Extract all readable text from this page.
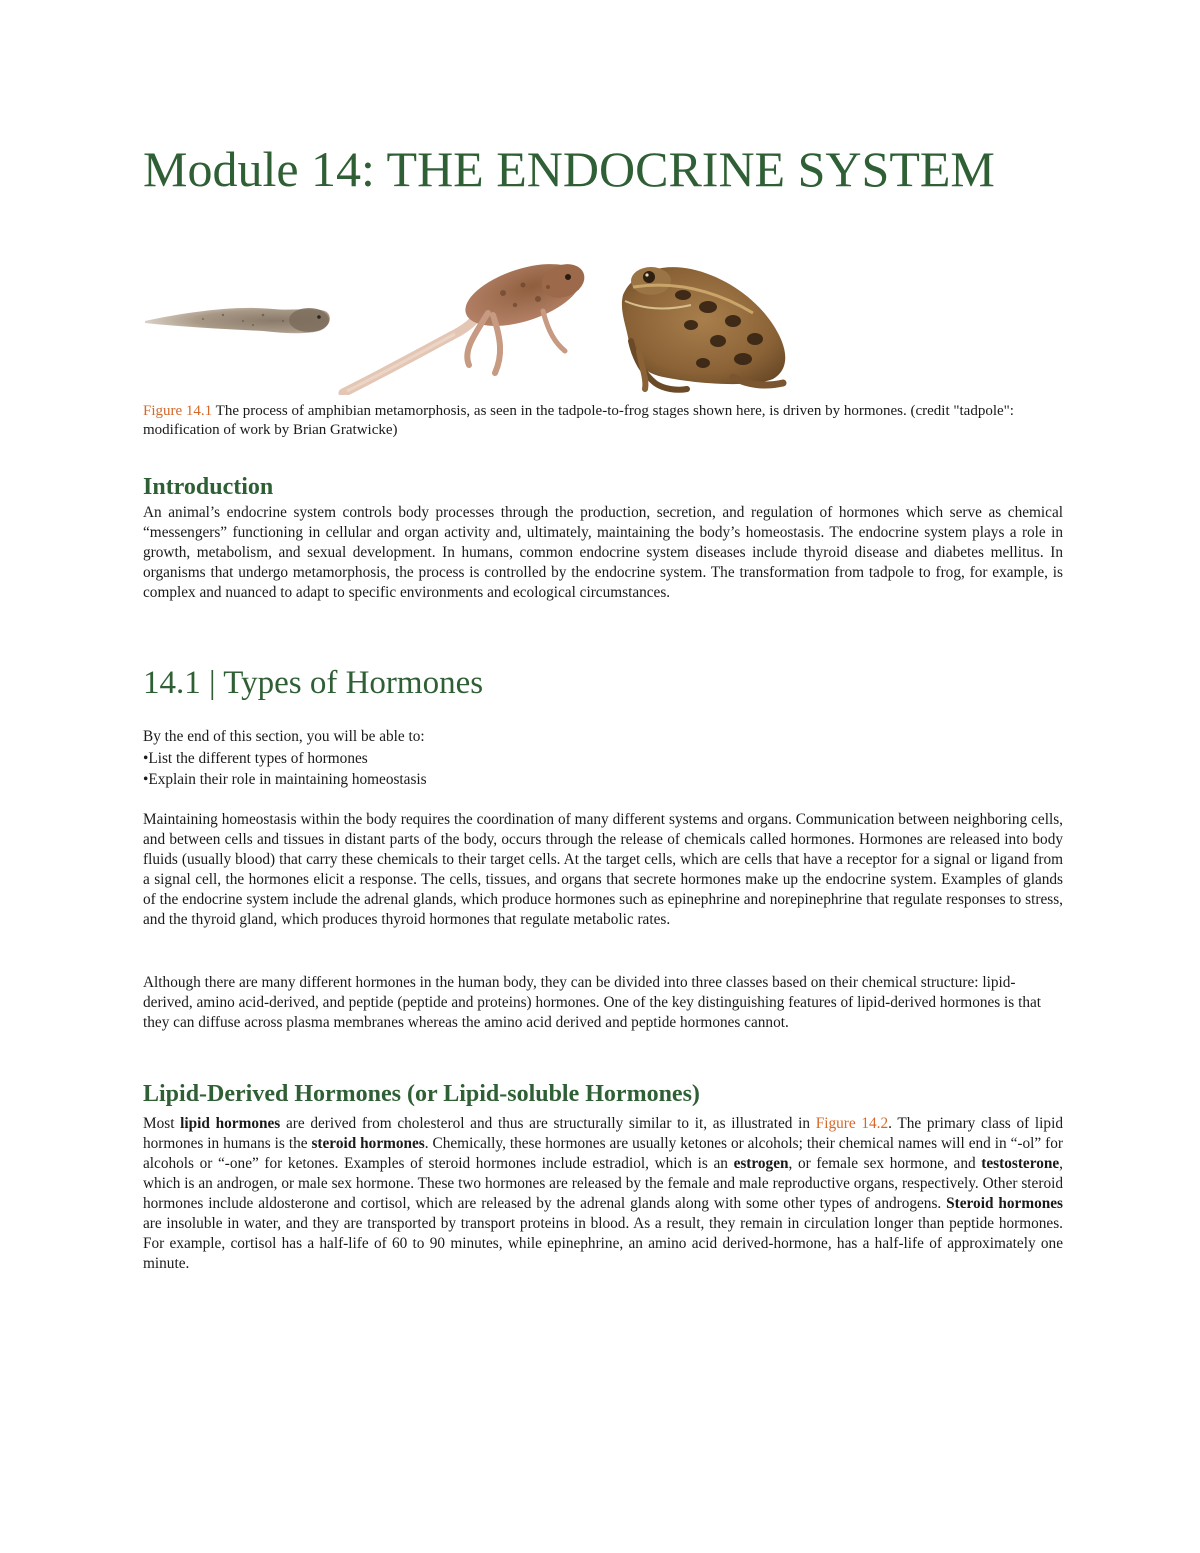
Module 14: THE ENDOCRINE SYSTEM
Figure 14.1 The process of amphibian metamorphosis, as seen in the tadpole-to-frog stages shown here, is driven by hormones. (credit "tadpole": modification of work by Brian Gratwicke)
Introduction

An animal’s endocrine system controls body processes through the production, secretion, and regulation of hormones which serve as chemical “messengers” functioning in cellular and organ activity and, ultimately, maintaining the body’s homeostasis. The endocrine system plays a role in growth, metabolism, and sexual development. In humans, common endocrine system diseases include thyroid disease and diabetes mellitus. In organisms that undergo metamorphosis, the process is controlled by the endocrine system. The transformation from tadpole to frog, for example, is complex and nuanced to adapt to specific environments and ecological circumstances.

14.1 | Types of Hormones
By the end of this section, you will be able to:
• List the different types of hormones
• Explain their role in maintaining homeostasis

Maintaining homeostasis within the body requires the coordination of many different systems and organs. Communication between neighboring cells, and between cells and tissues in distant parts of the body, occurs through the release of chemicals called hormones. Hormones are released into body fluids (usually blood) that carry these chemicals to their target cells. At the target cells, which are cells that have a receptor for a signal or ligand from a signal cell, the hormones elicit a response. The cells, tissues, and organs that secrete hormones make up the endocrine system. Examples of glands of the endocrine system include the adrenal glands, which produce hormones such as epinephrine and norepinephrine that regulate responses to stress, and the thyroid gland, which produces thyroid hormones that regulate metabolic rates.

Although there are many different hormones in the human body, they can be divided into three classes based on their chemical structure: lipid-derived, amino acid-derived, and peptide (peptide and proteins) hormones. One of the key distinguishing features of lipid-derived hormones is that they can diffuse across plasma membranes whereas the amino acid derived and peptide hormones cannot.

Lipid-Derived Hormones (or Lipid-soluble Hormones)

Most lipid hormones are derived from cholesterol and thus are structurally similar to it, as illustrated in Figure 14.2. The primary class of lipid hormones in humans is the steroid hormones. Chemically, these hormones are usually ketones or alcohols; their chemical names will end in “-ol” for alcohols or “-one” for ketones. Examples of steroid hormones include estradiol, which is an estrogen, or female sex hormone, and testosterone, which is an androgen, or male sex hormone. These two hormones are released by the female and male reproductive organs, respectively. Other steroid hormones include aldosterone and cortisol, which are released by the adrenal glands along with some other types of androgens. Steroid hormones are insoluble in water, and they are transported by transport proteins in blood. As a result, they remain in circulation longer than peptide hormones. For example, cortisol has a half-life of 60 to 90 minutes, while epinephrine, an amino acid derived-hormone, has a half-life of approximately one minute.
